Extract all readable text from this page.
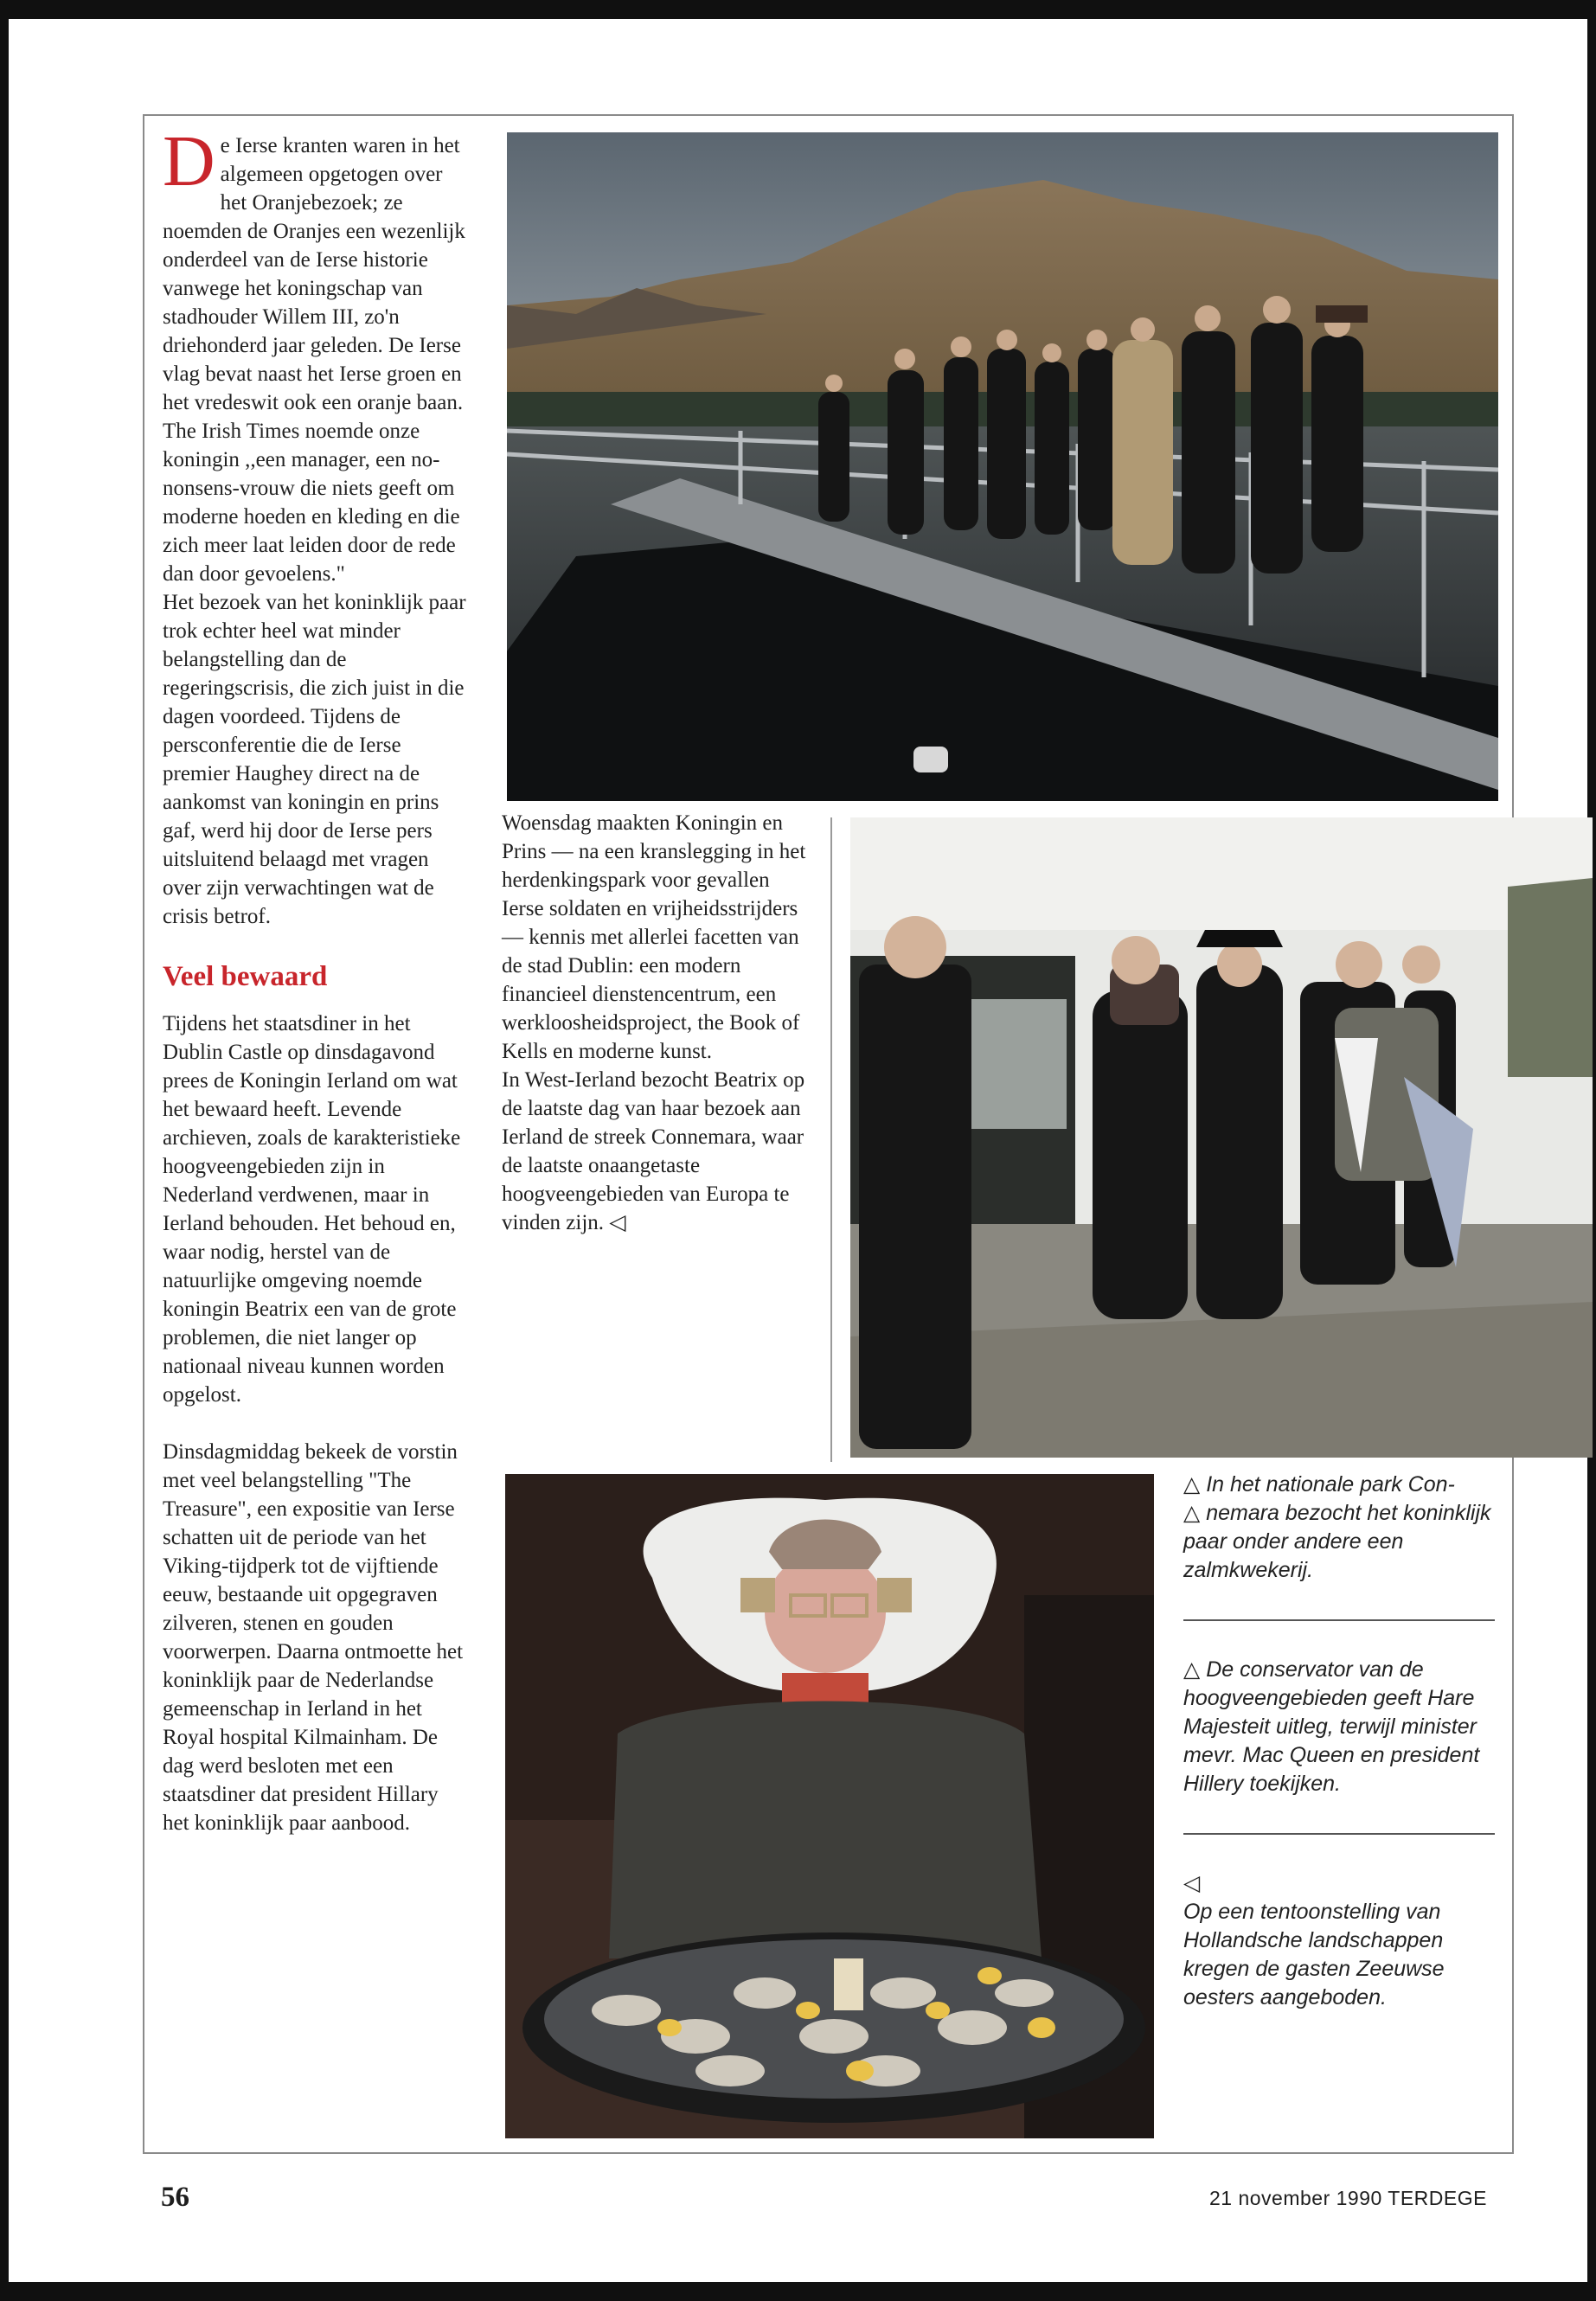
De Ierse kranten waren in het algemeen opgetogen over het Oranjebezoek; ze noemden de Oranjes een wezenlijk onderdeel van de Ierse historie vanwege het koningschap van stadhouder Willem III, zo'n driehonderd jaar geleden. De Ierse vlag bevat naast het Ierse groen en het vredeswit ook een oranje baan. The Irish Times noemde onze koningin ,,een manager, een no-nonsens-vrouw die niets geeft om moderne hoeden en kleding en die zich meer laat leiden door de rede dan door gevoelens."
Het bezoek van het koninklijk paar trok echter heel wat minder belangstelling dan de regeringscrisis, die zich juist in die dagen voordeed. Tijdens de persconferentie die de Ierse premier Haughey direct na de aankomst van koningin en prins gaf, werd hij door de Ierse pers uitsluitend belaagd met vragen over zijn verwachtingen wat de crisis betrof.

Veel bewaard

Tijdens het staatsdiner in het Dublin Castle op dinsdagavond prees de Koningin Ierland om wat het bewaard heeft. Levende archieven, zoals de karakteristieke hoogveengebieden zijn in Nederland verdwenen, maar in Ierland behouden. Het behoud en, waar nodig, herstel van de natuurlijke omgeving noemde koningin Beatrix een van de grote problemen, die niet langer op nationaal niveau kunnen worden opgelost.

Dinsdagmiddag bekeek de vorstin met veel belangstelling "The Treasure", een expositie van Ierse schatten uit de periode van het Viking-tijdperk tot de vijftiende eeuw, bestaande uit opgegraven zilveren, stenen en gouden voorwerpen. Daarna ontmoette het koninklijk paar de Nederlandse gemeenschap in Ierland in het Royal hospital Kilmainham. De dag werd besloten met een staatsdiner dat president Hillary het koninklijk paar aanbood.

Woensdag maakten Koningin en Prins — na een kranslegging in het herdenkingspark voor gevallen Ierse soldaten en vrijheidsstrijders — kennis met allerlei facetten van de stad Dublin: een modern financieel dienstencentrum, een werkloosheidsproject, the Book of Kells en moderne kunst.

In West-Ierland bezocht Beatrix op de laatste dag van haar bezoek aan Ierland de streek Connemara, waar de laatste onaangetaste hoogveengebieden van Europa te vinden zijn. ◁

△ In het nationale park Con-
△ nemara bezocht het koninklijk paar onder andere een zalmkwekerij.

△ De conservator van de hoogveengebieden geeft Hare Majesteit uitleg, terwijl minister mevr. Mac Queen en president Hillery toekijken.

◁
Op een tentoonstelling van Hollandsche landschappen kregen de gasten Zeeuwse oesters aangeboden.

56	21 november 1990 TERDEGE
